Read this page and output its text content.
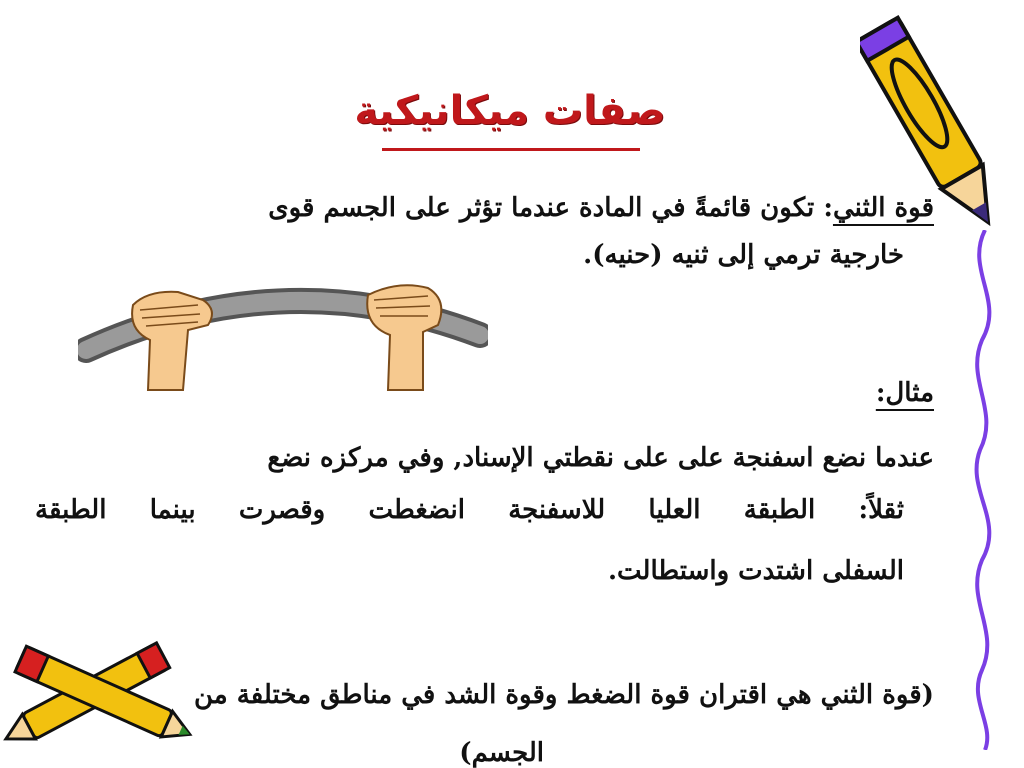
صفات ميكانيكية
قوة الثني: تكون قائمةً في المادة عندما تؤثر على الجسم قوى
خارجية ترمي إلى ثنيه (حنيه).
مثال:
عندما نضع اسفنجة على على نقطتي الإسناد, وفي مركزه نضع
ثقلاً: الطبقة العليا للاسفنجة انضغطت وقصرت بينما الطبقة
السفلى اشتدت واستطالت.
(قوة الثني هي اقتران قوة الضغط وقوة الشد في مناطق مختلفة من
الجسم)
